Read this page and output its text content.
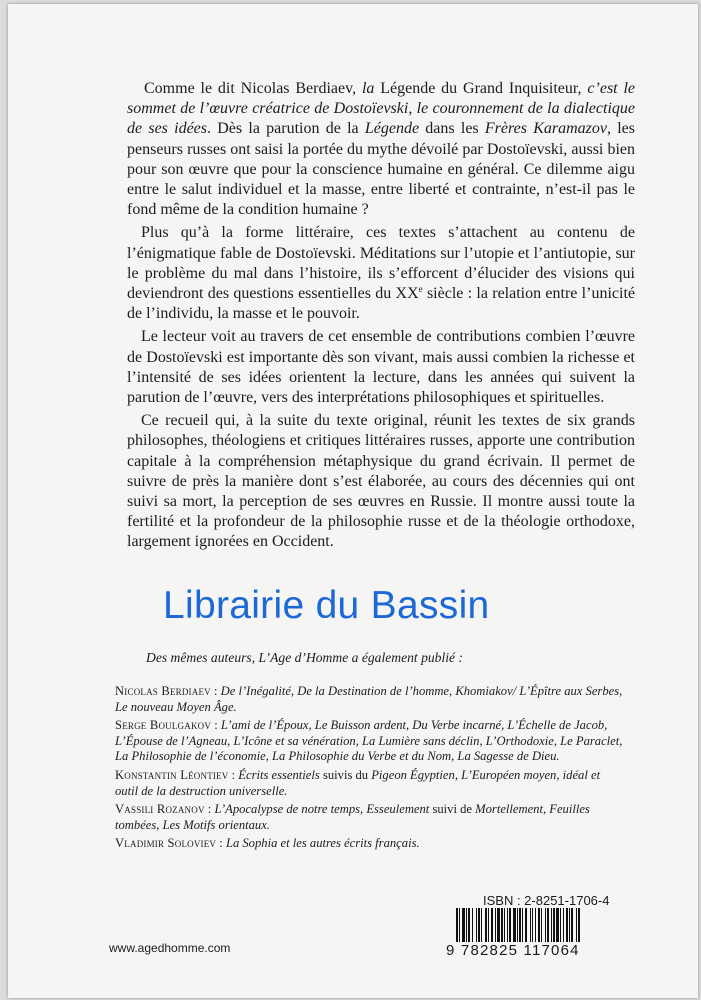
Comme le dit Nicolas Berdiaev, la Légende du Grand Inquisiteur, c’est le sommet de l’œuvre créatrice de Dostoïevski, le couronnement de la dialectique de ses idées. Dès la parution de la Légende dans les Frères Karamazov, les penseurs russes ont saisi la portée du mythe dévoilé par Dostoïevski, aussi bien pour son œuvre que pour la conscience humaine en général. Ce dilemme aigu entre le salut individuel et la masse, entre liberté et contrainte, n’est-il pas le fond même de la condition humaine ?

Plus qu’à la forme littéraire, ces textes s’attachent au contenu de l’énigmatique fable de Dostoïevski. Méditations sur l’utopie et l’antiutopie, sur le problème du mal dans l’histoire, ils s’efforcent d’élucider des visions qui deviendront des questions essentielles du XXe siècle : la relation entre l’unicité de l’individu, la masse et le pouvoir.

Le lecteur voit au travers de cet ensemble de contributions combien l’œuvre de Dostoïevski est importante dès son vivant, mais aussi combien la richesse et l’intensité de ses idées orientent la lecture, dans les années qui suivent la parution de l’œuvre, vers des interprétations philosophiques et spirituelles.

Ce recueil qui, à la suite du texte original, réunit les textes de six grands philosophes, théologiens et critiques littéraires russes, apporte une contribution capitale à la compréhension métaphysique du grand écrivain. Il permet de suivre de près la manière dont s’est élaborée, au cours des décennies qui ont suivi sa mort, la perception de ses œuvres en Russie. Il montre aussi toute la fertilité et la profondeur de la philosophie russe et de la théologie orthodoxe, largement ignorées en Occident.

Des mêmes auteurs, L’Age d’Homme a également publié :

Nicolas Berdiaev : De l’Inégalité, De la Destination de l’homme, Khomiakov/ L’Épître aux Serbes, Le nouveau Moyen Âge.

Serge Boulgakov : L’ami de l’Époux, Le Buisson ardent, Du Verbe incarné, L’Échelle de Jacob, L’Épouse de l’Agneau, L’Icône et sa vénération, La Lumière sans déclin, L’Orthodoxie, Le Paraclet, La Philosophie de l’économie, La Philosophie du Verbe et du Nom, La Sagesse de Dieu.

Konstantin Léontiev : Écrits essentiels suivis du Pigeon Égyptien, L’Européen moyen, idéal et outil de la destruction universelle.

Vassili Rozanov : L’Apocalypse de notre temps, Esseulement suivi de Mortellement, Feuilles tombées, Les Motifs orientaux.

Vladimir Soloviev : La Sophia et les autres écrits français.

Librairie du Bassin
ISBN : 2-8251-1706-4
9 782825 117064
www.agedhomme.com
